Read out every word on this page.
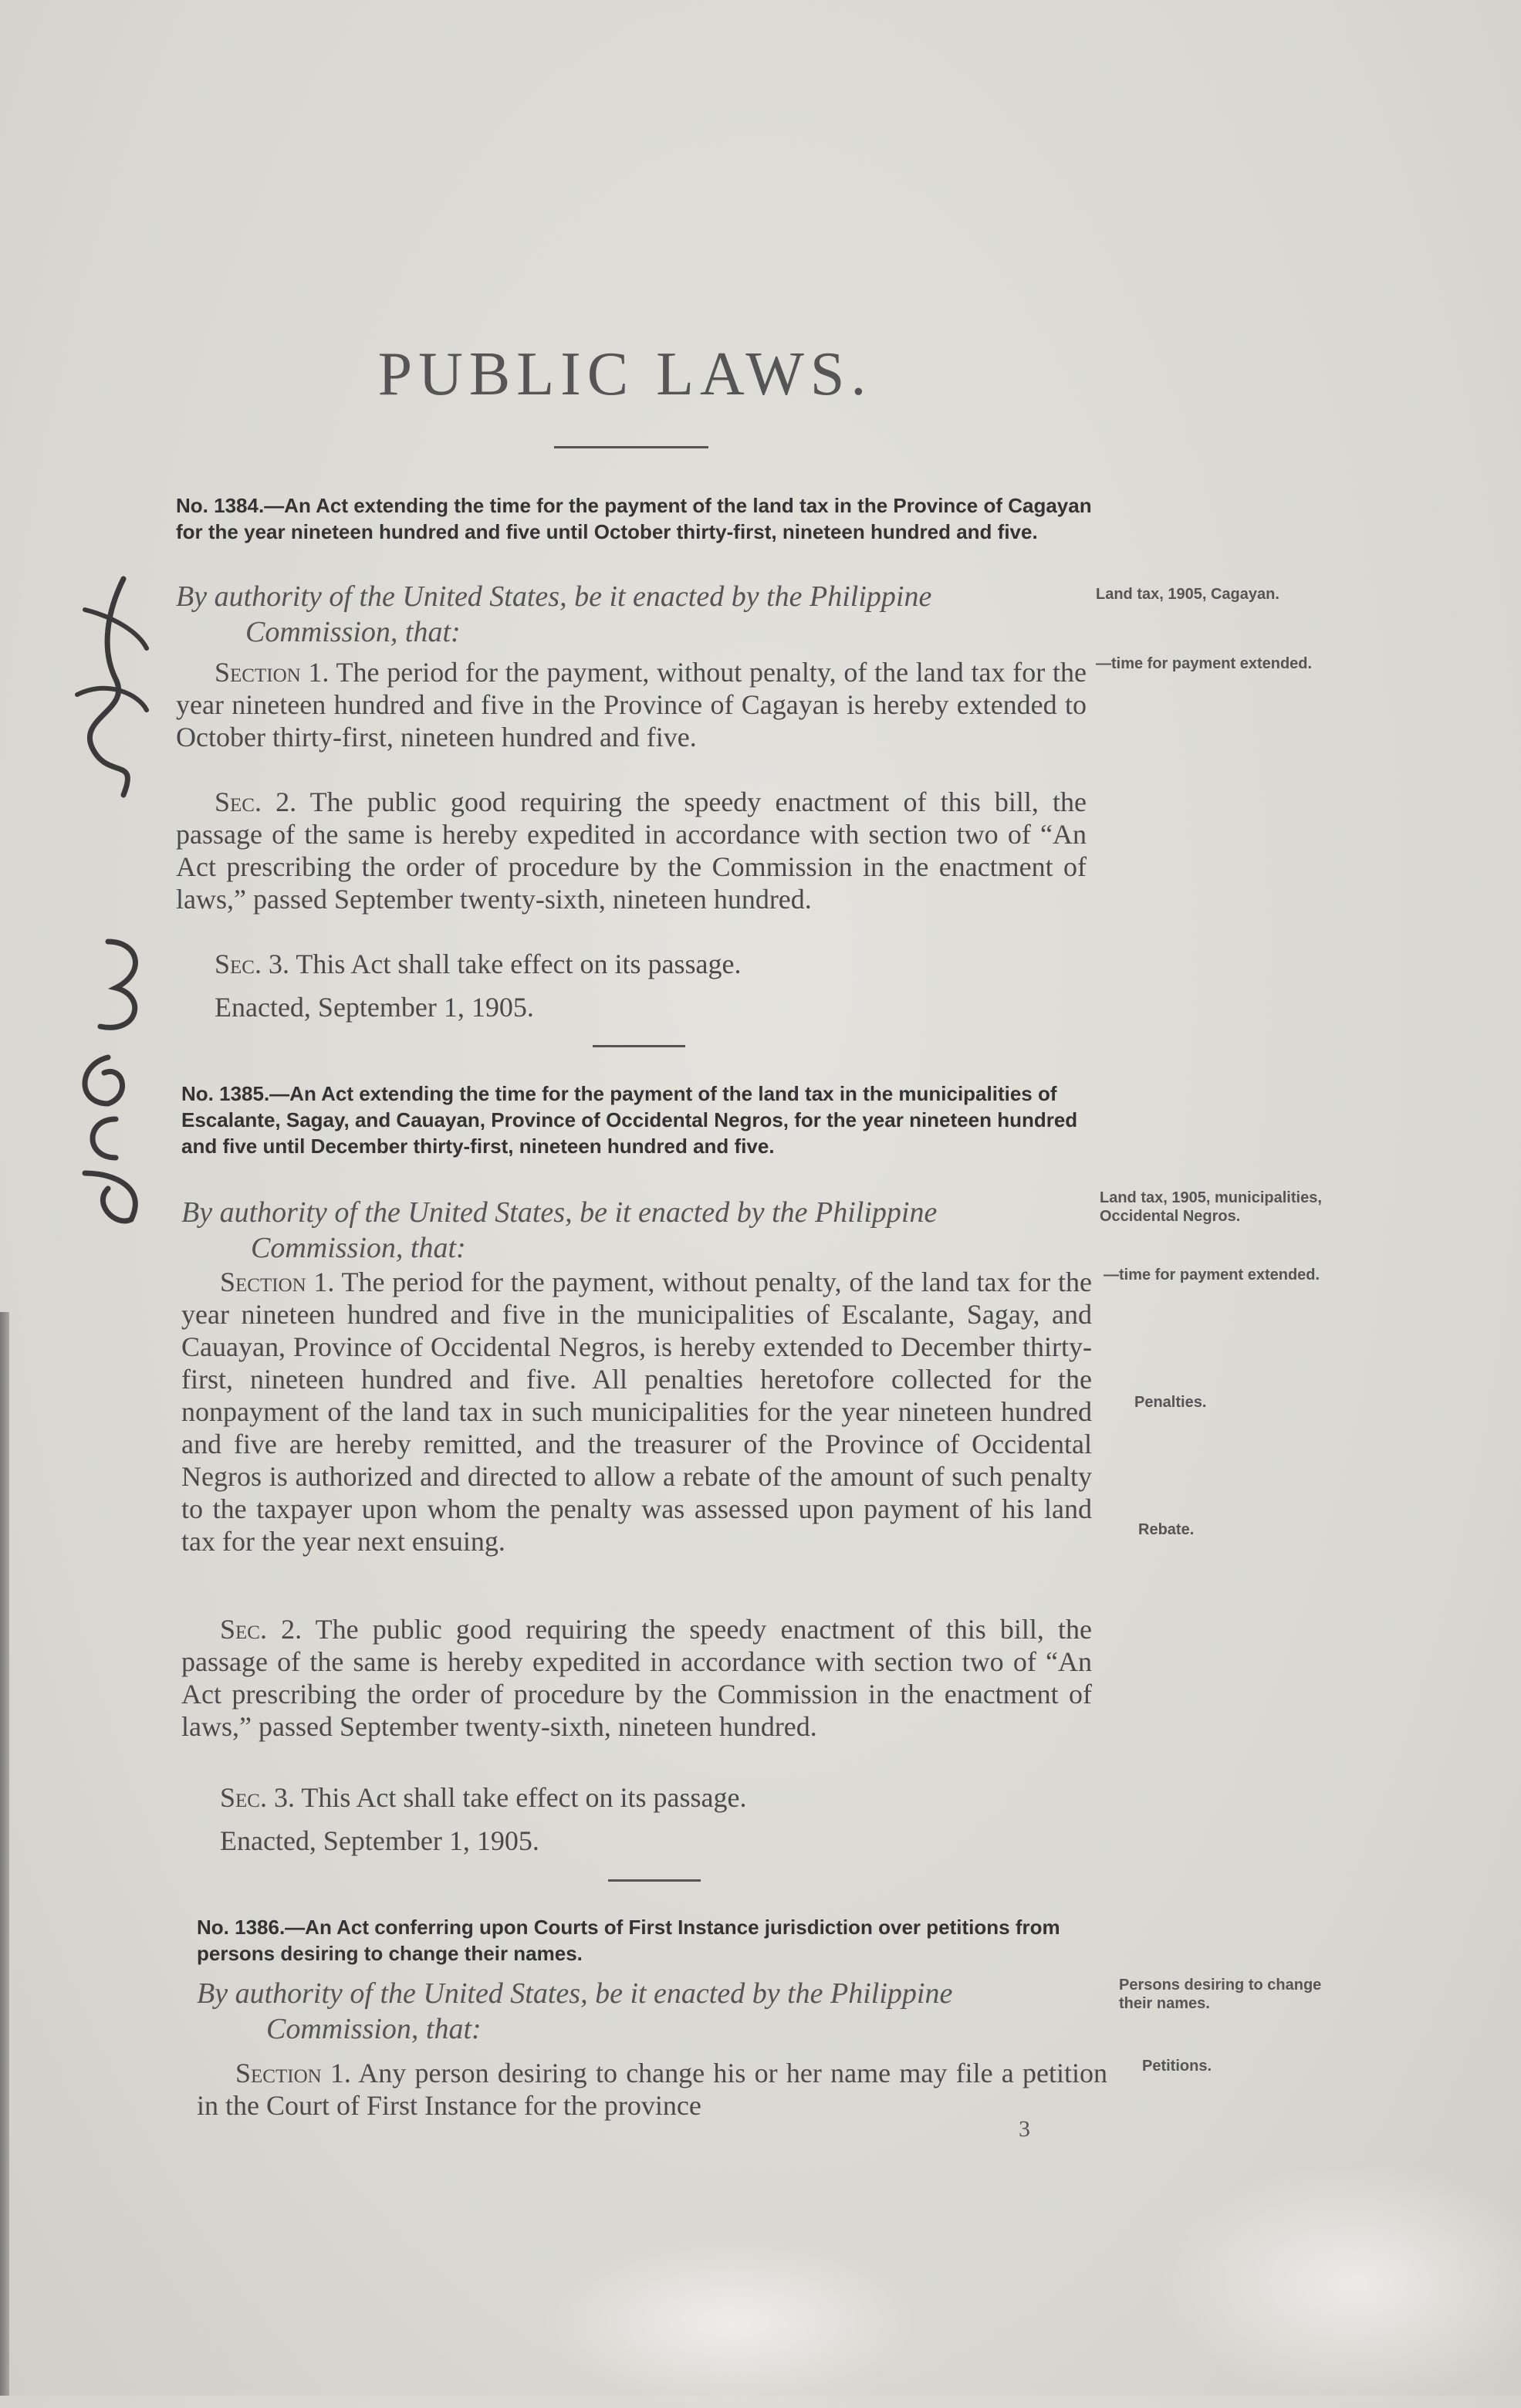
PUBLIC LAWS.
No. 1384.—An Act extending the time for the payment of the land tax in the Province of Cagayan for the year nineteen hundred and five until October thirty-first, nineteen hundred and five.
By authority of the United States, be it enacted by the Philippine
Commission, that:
Land tax, 1905, Cagayan.
Section 1. The period for the payment, without penalty, of the land tax for the year nineteen hundred and five in the Province of Cagayan is hereby extended to October thirty-first, nineteen hundred and five.
—time for payment extended.
Sec. 2. The public good requiring the speedy enactment of this bill, the passage of the same is hereby expedited in accordance with section two of “An Act prescribing the order of procedure by the Commission in the enactment of laws,” passed September twenty-sixth, nineteen hundred.
Sec. 3. This Act shall take effect on its passage.
Enacted, September 1, 1905.
No. 1385.—An Act extending the time for the payment of the land tax in the municipalities of Escalante, Sagay, and Cauayan, Province of Occidental Negros, for the year nineteen hundred and five until December thirty-first, nineteen hundred and five.
By authority of the United States, be it enacted by the Philippine
Commission, that:
Land tax, 1905, municipalities, Occidental Negros.
Section 1. The period for the payment, without penalty, of the land tax for the year nineteen hundred and five in the municipalities of Escalante, Sagay, and Cauayan, Province of Occidental Negros, is hereby extended to December thirty-first, nineteen hundred and five. All penalties heretofore collected for the nonpayment of the land tax in such municipalities for the year nineteen hundred and five are hereby remitted, and the treasurer of the Province of Occidental Negros is authorized and directed to allow a rebate of the amount of such penalty to the taxpayer upon whom the penalty was assessed upon payment of his land tax for the year next ensuing.
—time for payment extended.
Penalties.
Rebate.
Sec. 2. The public good requiring the speedy enactment of this bill, the passage of the same is hereby expedited in accordance with section two of “An Act prescribing the order of procedure by the Commission in the enactment of laws,” passed September twenty-sixth, nineteen hundred.
Sec. 3. This Act shall take effect on its passage.
Enacted, September 1, 1905.
No. 1386.—An Act conferring upon Courts of First Instance jurisdiction over petitions from persons desiring to change their names.
By authority of the United States, be it enacted by the Philippine
Commission, that:
Persons desiring to change their names.
Section 1. Any person desiring to change his or her name may file a petition in the Court of First Instance for the province
Petitions.
3
